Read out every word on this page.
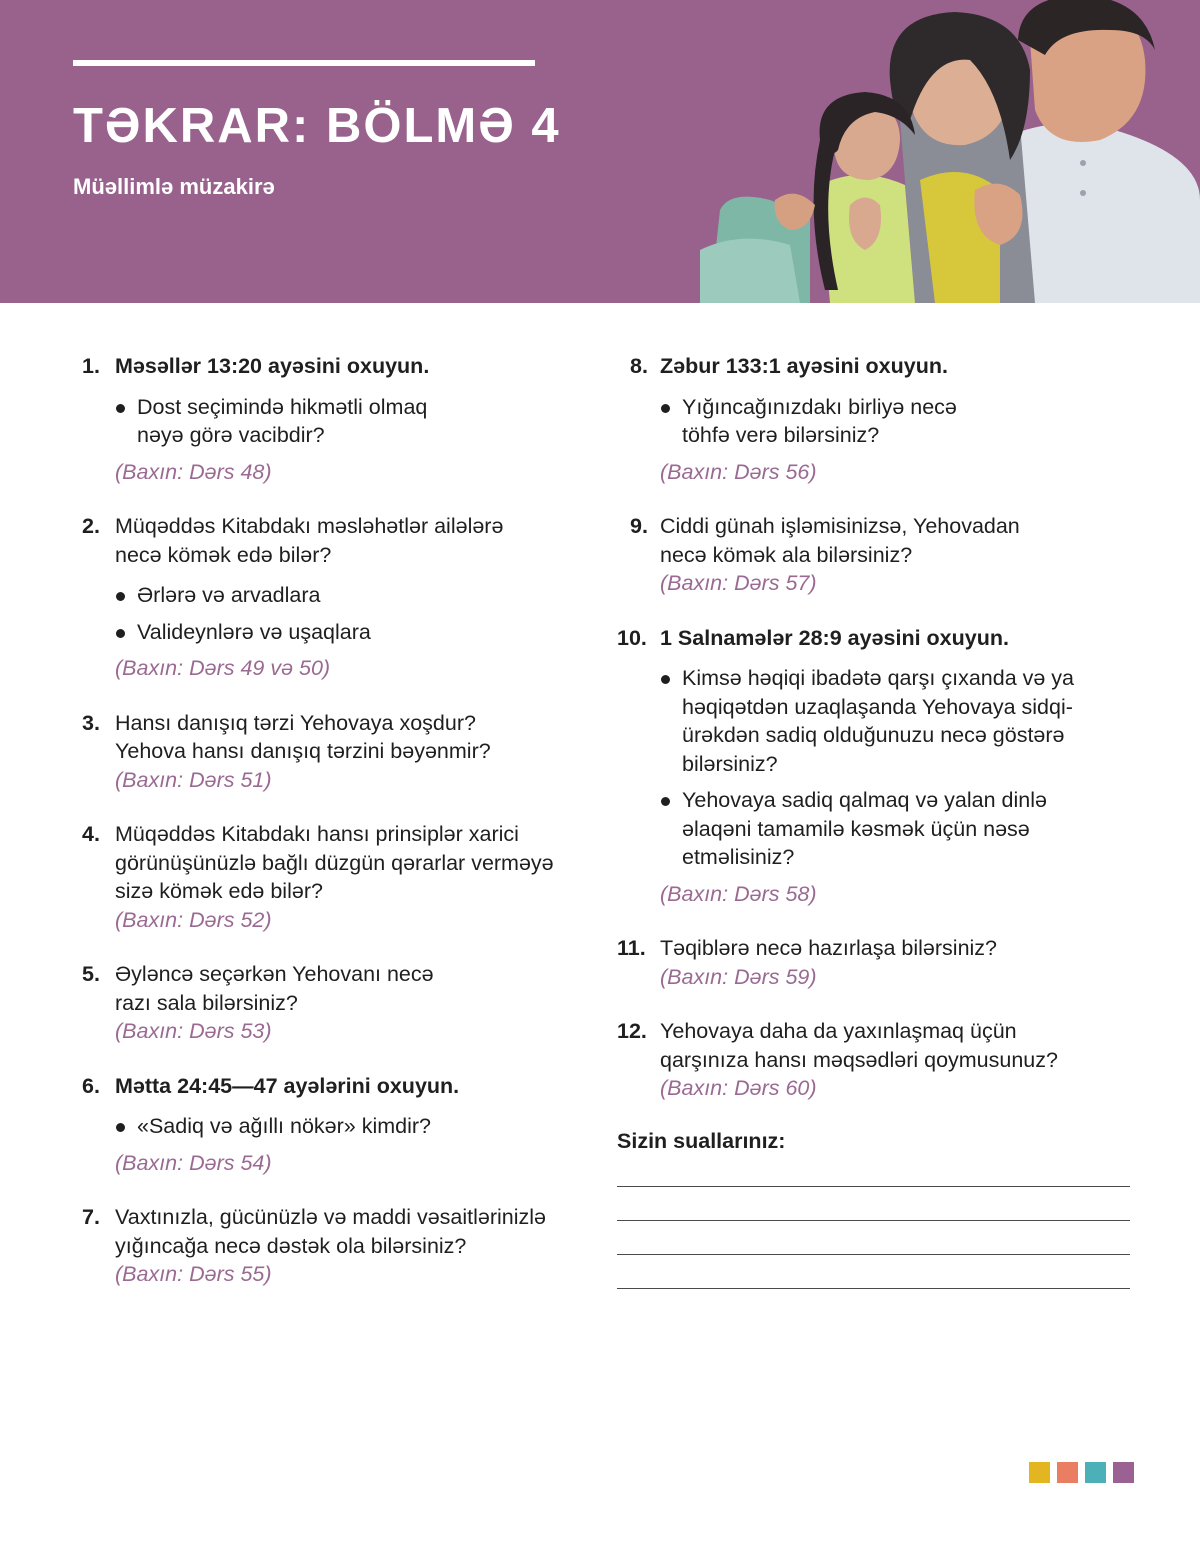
TƏKRAR: BÖLMƏ 4
Müəllimlə müzakirə
1. Məsəllər 13:20 ayəsini oxuyun.
Dost seçimində hikmətli olmaq nəyə görə vacibdir?
(Baxın: Dərs 48)
2. Müqəddəs Kitabdakı məsləhətlər ailələrə necə kömək edə bilər?
Ərlərə və arvadlara
Valideynlərə və uşaqlara
(Baxın: Dərs 49 və 50)
3. Hansı danışıq tərzi Yehovaya xoşdur? Yehova hansı danışıq tərzini bəyənmir?
(Baxın: Dərs 51)
4. Müqəddəs Kitabdakı hansı prinsiplər xarici görünüşünüzlə bağlı düzgün qərarlar verməyə sizə kömək edə bilər?
(Baxın: Dərs 52)
5. Əyləncə seçərkən Yehovanı necə razı sala bilərsiniz?
(Baxın: Dərs 53)
6. Mətta 24:45—47 ayələrini oxuyun.
«Sadiq və ağıllı nökər» kimdir?
(Baxın: Dərs 54)
7. Vaxtınızla, gücünüzlə və maddi vəsaitlərinizlə yığıncağa necə dəstək ola bilərsiniz?
(Baxın: Dərs 55)
8. Zəbur 133:1 ayəsini oxuyun.
Yığıncağınızdakı birliyə necə töhfə verə bilərsiniz?
(Baxın: Dərs 56)
9. Ciddi günah işləmisinizsə, Yehovadan necə kömək ala bilərsiniz?
(Baxın: Dərs 57)
10. 1 Salnamələr 28:9 ayəsini oxuyun.
Kimsə həqiqi ibadətə qarşı çıxanda və ya həqiqətdən uzaqlaşanda Yehovaya sidqi-ürəkdən sadiq olduğunuzu necə göstərə bilərsiniz?
Yehovaya sadiq qalmaq və yalan dinlə əlaqəni tamamilə kəsmək üçün nəsə etməlisiniz?
(Baxın: Dərs 58)
11. Təqiblərə necə hazırlaşa bilərsiniz?
(Baxın: Dərs 59)
12. Yehovaya daha da yaxınlaşmaq üçün qarşınıza hansı məqsədləri qoymusunuz?
(Baxın: Dərs 60)
Sizin suallarınız:
